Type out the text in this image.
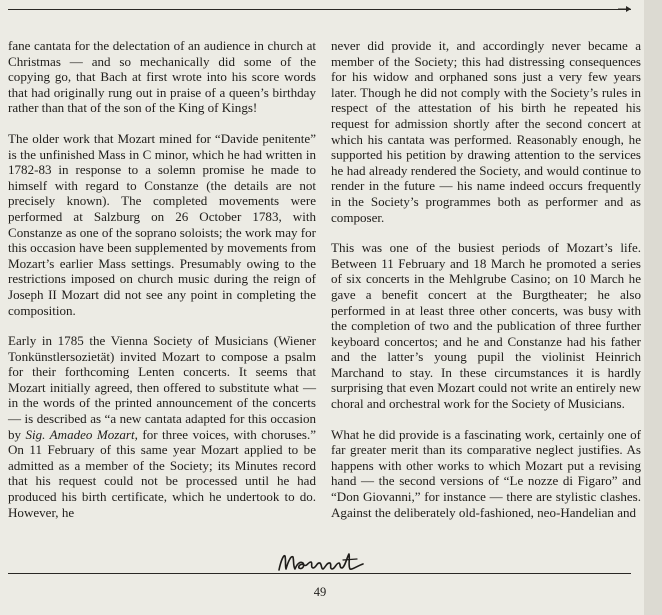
fane cantata for the delectation of an audience in church at Christmas — and so mechanically did some of the copying go, that Bach at first wrote into his score words that had originally rung out in praise of a queen’s birthday rather than that of the son of the King of Kings!

The older work that Mozart mined for “Davide penitente” is the unfinished Mass in C minor, which he had written in 1782-83 in response to a solemn promise he made to himself with regard to Constanze (the details are not precisely known). The completed movements were performed at Salzburg on 26 October 1783, with Constanze as one of the soprano soloists; the work may for this occasion have been supplemented by movements from Mozart’s earlier Mass settings. Presumably owing to the restrictions imposed on church music during the reign of Joseph II Mozart did not see any point in completing the composition.

Early in 1785 the Vienna Society of Musicians (Wiener Tonkünstlersozietät) invited Mozart to compose a psalm for their forthcoming Lenten concerts. It seems that Mozart initially agreed, then offered to substitute what — in the words of the printed announcement of the concerts — is described as “a new cantata adapted for this occasion by Sig. Amadeo Mozart, for three voices, with choruses.” On 11 February of this same year Mozart applied to be admitted as a member of the Society; its Minutes record that his request could not be processed until he had produced his birth certificate, which he undertook to do. However, he

never did provide it, and accordingly never became a member of the Society; this had distressing consequences for his widow and orphaned sons just a very few years later. Though he did not comply with the Society’s rules in respect of the attestation of his birth he repeated his request for admission shortly after the second concert at which his cantata was performed. Reasonably enough, he supported his petition by drawing attention to the services he had already rendered the Society, and would continue to render in the future — his name indeed occurs frequently in the Society’s programmes both as performer and as composer.

This was one of the busiest periods of Mozart’s life. Between 11 February and 18 March he promoted a series of six concerts in the Mehlgrube Casino; on 10 March he gave a benefit concert at the Burgtheater; he also performed in at least three other concerts, was busy with the completion of two and the publication of three further keyboard concertos; and he and Constanze had his father and the latter’s young pupil the violinist Heinrich Marchand to stay. In these circumstances it is hardly surprising that even Mozart could not write an entirely new choral and orchestral work for the Society of Musicians.

What he did provide is a fascinating work, certainly one of far greater merit than its comparative neglect justifies. As happens with other works to which Mozart put a revising hand — the second versions of “Le nozze di Figaro” and “Don Giovanni,” for instance — there are stylistic clashes. Against the deliberately old-fashioned, neo-Handelian and

49
